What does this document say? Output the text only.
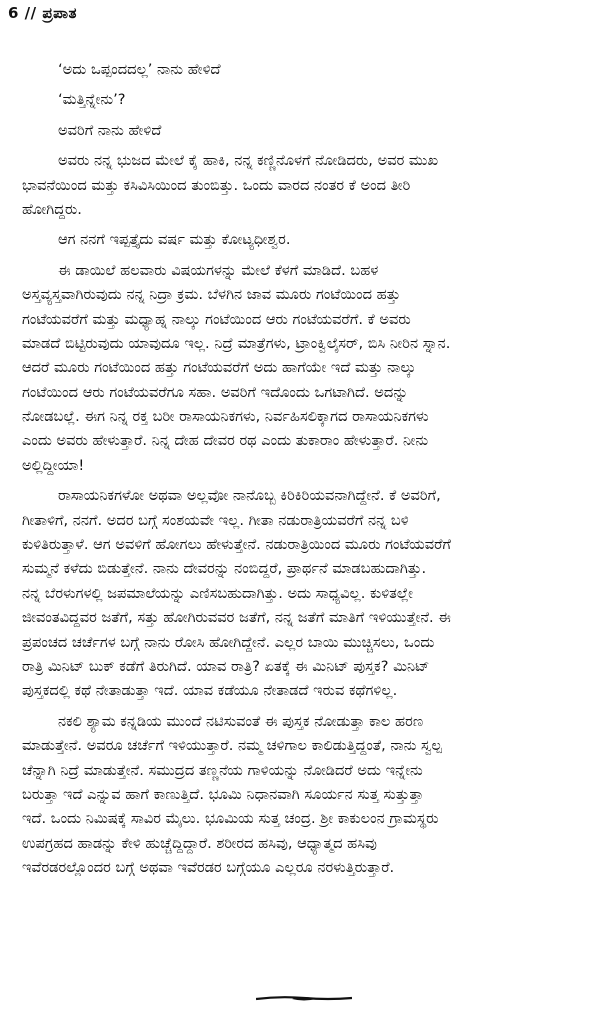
6 // ಪ್ರಪಾತ
‘ಅದು ಒಪ್ಪಂದದಲ್ಲ’ ನಾನು ಹೇಳಿದೆ
‘ಮತ್ತಿನ್ನೇನು’?
ಅವರಿಗೆ ನಾನು ಹೇಳಿದೆ
ಅವರು ನನ್ನ ಭುಜದ ಮೇಲೆ ಕೈ ಹಾಕಿ, ನನ್ನ ಕಣ್ಣಿನೊಳಗೆ ನೋಡಿದರು, ಅವರ ಮುಖ
ಭಾವನೆಯಿಂದ ಮತ್ತು ಕಸಿವಿಸಿಯಿಂದ ತುಂಬಿತ್ತು. ಒಂದು ವಾರದ ನಂತರ ಕೆ ಅಂದ ತೀರಿ
ಹೋಗಿದ್ದರು.
ಆಗ ನನಗೆ ಇಪ್ಪತ್ತೈದು ವರ್ಷ ಮತ್ತು ಕೋಟ್ಯಧೀಶ್ವರ.
ಈ ಡಾಯಿಲೆ ಹಲವಾರು ವಿಷಯಗಳನ್ನು ಮೇಲೆ ಕೆಳಗೆ ಮಾಡಿದೆ. ಬಹಳ
ಅಸ್ತವ್ಯಸ್ತವಾಗಿರುವುದು ನನ್ನ ನಿದ್ರಾ ಕ್ರಮ. ಬೆಳಗಿನ ಜಾವ ಮೂರು ಗಂಟೆಯಿಂದ ಹತ್ತು
ಗಂಟೆಯವರೆಗೆ ಮತ್ತು ಮಧ್ಯಾಹ್ನ ನಾಲ್ಕು ಗಂಟೆಯಿಂದ ಆರು ಗಂಟೆಯವರೆಗೆ. ಕೆ ಅವರು
ಮಾಡದೆ ಬಿಟ್ಟಿರುವುದು ಯಾವುದೂ ಇಲ್ಲ. ನಿದ್ರೆ ಮಾತ್ರೆಗಳು, ಟ್ರಾಂಕ್ವಿಲೈಸರ್, ಬಿಸಿ ನೀರಿನ ಸ್ನಾನ.
ಆದರೆ ಮೂರು ಗಂಟೆಯಿಂದ ಹತ್ತು ಗಂಟೆಯವರೆಗೆ ಅದು ಹಾಗೆಯೇ ಇದೆ ಮತ್ತು ನಾಲ್ಕು
ಗಂಟೆಯಿಂದ ಆರು ಗಂಟೆಯವರೆಗೂ ಸಹಾ. ಅವರಿಗೆ ಇದೊಂದು ಒಗಟಾಗಿದೆ. ಅದನ್ನು
ನೋಡಬಲ್ಲೆ. ಈಗ ನಿನ್ನ ರಕ್ತ ಬರೀ ರಾಸಾಯನಿಕಗಳು, ನಿರ್ವಹಿಸಲಿಕ್ಕಾಗದ ರಾಸಾಯನಿಕಗಳು
ಎಂದು ಅವರು ಹೇಳುತ್ತಾರೆ. ನಿನ್ನ ದೇಹ ದೇವರ ರಥ ಎಂದು ತುಕಾರಾಂ ಹೇಳುತ್ತಾರೆ. ನೀನು
ಅಲ್ಲಿದ್ದೀಯಾ!
ರಾಸಾಯನಿಕಗಳೋ ಅಥವಾ ಅಲ್ಲವೋ ನಾನೊಬ್ಬ ಕಿರಿಕಿರಿಯವನಾಗಿದ್ದೇನೆ. ಕೆ ಅವರಿಗೆ,
ಗೀತಾಳಿಗೆ, ನನಗೆ. ಅದರ ಬಗ್ಗೆ ಸಂಶಯವೇ ಇಲ್ಲ. ಗೀತಾ ನಡುರಾತ್ರಿಯವರೆಗೆ ನನ್ನ ಬಳಿ
ಕುಳಿತಿರುತ್ತಾಳೆ. ಆಗ ಅವಳಿಗೆ ಹೋಗಲು ಹೇಳುತ್ತೇನೆ. ನಡುರಾತ್ರಿಯಿಂದ ಮೂರು ಗಂಟೆಯವರೆಗೆ
ಸುಮ್ಮನೆ ಕಳೆದು ಬಿಡುತ್ತೇನೆ. ನಾನು ದೇವರನ್ನು ನಂಬಿದ್ದರೆ, ಪ್ರಾರ್ಥನೆ ಮಾಡಬಹುದಾಗಿತ್ತು.
ನನ್ನ ಬೆರಳುಗಳಲ್ಲಿ ಜಪಮಾಲೆಯನ್ನು ಎಣಿಸಬಹುದಾಗಿತ್ತು. ಅದು ಸಾಧ್ಯವಿಲ್ಲ. ಕುಳಿತಲ್ಲೇ
ಜೀವಂತವಿದ್ದವರ ಜತೆಗೆ, ಸತ್ತು ಹೋಗಿರುವವರ ಜತೆಗೆ, ನನ್ನ ಜತೆಗೆ ಮಾತಿಗೆ ಇಳಿಯುತ್ತೇನೆ. ಈ
ಪ್ರಪಂಚದ ಚರ್ಚೆಗಳ ಬಗ್ಗೆ ನಾನು ರೋಸಿ ಹೋಗಿದ್ದೇನೆ. ಎಲ್ಲರ ಬಾಯಿ ಮುಚ್ಚಿಸಲು, ಒಂದು
ರಾತ್ರಿ ಮಿನಿಟ್ ಬುಕ್ ಕಡೆಗೆ ತಿರುಗಿದೆ. ಯಾವ ರಾತ್ರಿ? ಏತಕ್ಕೆ ಈ ಮಿನಿಟ್ ಪುಸ್ತಕ? ಮಿನಿಟ್
ಪುಸ್ತಕದಲ್ಲಿ ಕಥೆ ನೇತಾಡುತ್ತಾ ಇದೆ. ಯಾವ ಕಡೆಯೂ ನೇತಾಡದೆ ಇರುವ ಕಥೆಗಳಿಲ್ಲ.
ನಕಲಿ ಶ್ಯಾಮ ಕನ್ನಡಿಯ ಮುಂದೆ ನಟಿಸುವಂತೆ ಈ ಪುಸ್ತಕ ನೋಡುತ್ತಾ ಕಾಲ ಹರಣ
ಮಾಡುತ್ತೇನೆ. ಅವರೂ ಚರ್ಚೆಗೆ ಇಳಿಯುತ್ತಾರೆ. ನಮ್ಮ ಚಳಿಗಾಲ ಕಾಲಿಡುತ್ತಿದ್ದಂತೆ, ನಾನು ಸ್ವಲ್ಪ
ಚೆನ್ನಾಗಿ ನಿದ್ರೆ ಮಾಡುತ್ತೇನೆ. ಸಮುದ್ರದ ತಣ್ಣನೆಯ ಗಾಳಿಯನ್ನು ನೋಡಿದರೆ ಅದು ಇನ್ನೇನು
ಬರುತ್ತಾ ಇದೆ ಎನ್ನುವ ಹಾಗೆ ಕಾಣುತ್ತಿದೆ. ಭೂಮಿ ನಿಧಾನವಾಗಿ ಸೂರ್ಯನ ಸುತ್ತ ಸುತ್ತುತ್ತಾ
ಇದೆ. ಒಂದು ನಿಮಿಷಕ್ಕೆ ಸಾವಿರ ಮೈಲು. ಭೂಮಿಯ ಸುತ್ತ ಚಂದ್ರ. ಶ್ರೀ ಕಾಕುಲಂನ ಗ್ರಾಮಸ್ಥರು
ಉಪಗ್ರಹದ ಹಾಡನ್ನು ಕೇಳಿ ಹುಚ್ಚೆದ್ದಿದ್ದಾರೆ. ಶರೀರದ ಹಸಿವು, ಆಧ್ಯಾತ್ಮದ ಹಸಿವು
ಇವೆರಡರಲ್ಲೊಂದರ ಬಗ್ಗೆ ಅಥವಾ ಇವೆರಡರ ಬಗ್ಗೆಯೂ ಎಲ್ಲರೂ ನರಳುತ್ತಿರುತ್ತಾರೆ.
